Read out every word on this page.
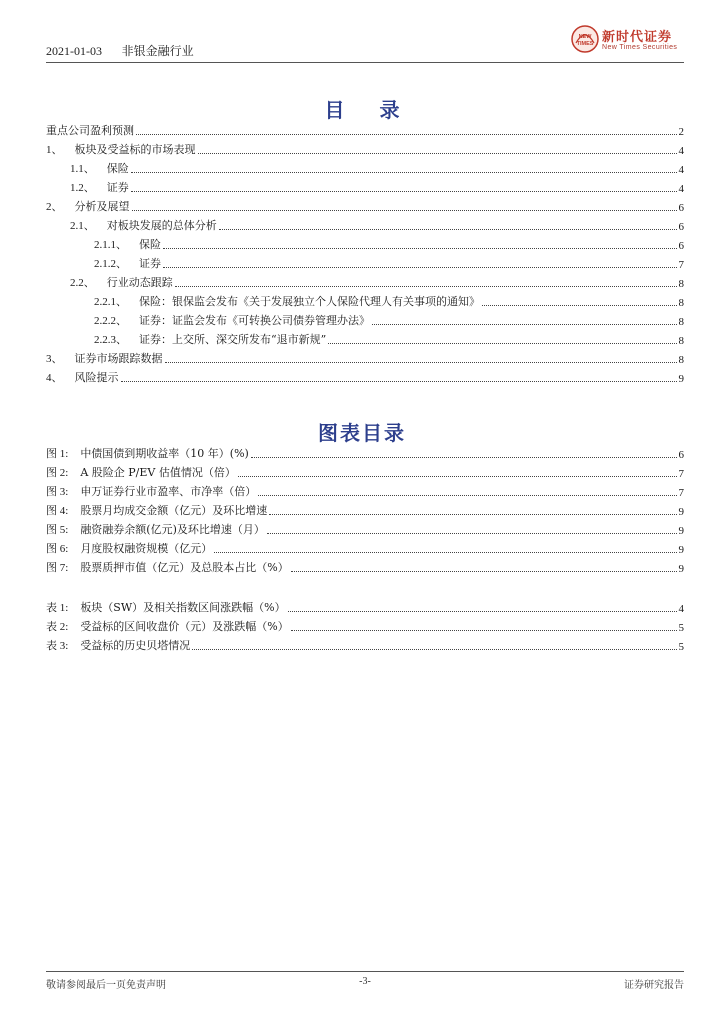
2021-01-03 非银金融行业
NEW
TIMES 新时代证券
New Times Securities
目 录
重点公司盈利预测	2
1、 板块及受益标的市场表现	4
1.1、 保险	4
1.2、 证券	4
2、 分析及展望	6
2.1、 对板块发展的总体分析	6
2.1.1、 保险	6
2.1.2、 证券	7
2.2、 行业动态跟踪	8
2.2.1、 保险：银保监会发布《关于发展独立个人保险代理人有关事项的通知》	8
2.2.2、 证券：证监会发布《可转换公司债券管理办法》	8
2.2.3、 证券：上交所、深交所发布“退市新规”	8
3、 证券市场跟踪数据	8
4、 风险提示	9
图表目录
图 1: 中债国债到期收益率（10 年）(%)	6
图 2: A 股险企 P/EV 估值情况（倍）	7
图 3: 申万证券行业市盈率、市净率（倍）	7
图 4: 股票月均成交金额（亿元）及环比增速	9
图 5: 融资融券余额(亿元)及环比增速（月）	9
图 6: 月度股权融资规模（亿元）	9
图 7: 股票质押市值（亿元）及总股本占比（%）	9
表 1: 板块（SW）及相关指数区间涨跌幅（%）	4
表 2: 受益标的区间收盘价（元）及涨跌幅（%）	5
表 3: 受益标的历史贝塔情况	5
敬请参阅最后一页免责声明	-3-	证券研究报告
